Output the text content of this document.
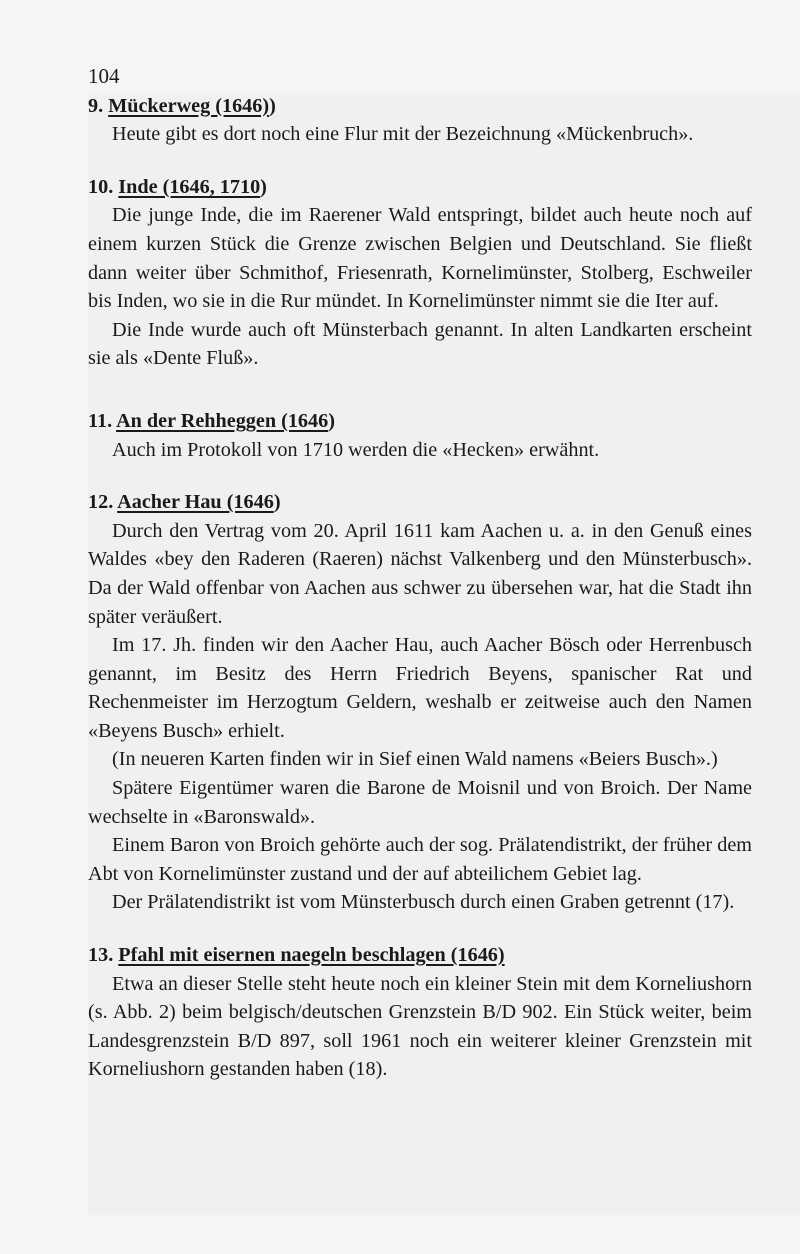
104
9. Mückerweg (1646))
Heute gibt es dort noch eine Flur mit der Bezeichnung «Mückenbruch».
10. Inde (1646, 1710)
Die junge Inde, die im Raerener Wald entspringt, bildet auch heute noch auf einem kurzen Stück die Grenze zwischen Belgien und Deutschland. Sie fließt dann weiter über Schmithof, Friesenrath, Kornelimünster, Stolberg, Eschweiler bis Inden, wo sie in die Rur mündet. In Kornelimünster nimmt sie die Iter auf.
Die Inde wurde auch oft Münsterbach genannt. In alten Landkarten erscheint sie als «Dente Fluß».
11. An der Rehheggen (1646)
Auch im Protokoll von 1710 werden die «Hecken» erwähnt.
12. Aacher Hau (1646)
Durch den Vertrag vom 20. April 1611 kam Aachen u. a. in den Genuß eines Waldes «bey den Raderen (Raeren) nächst Valkenberg und den Münsterbusch». Da der Wald offenbar von Aachen aus schwer zu übersehen war, hat die Stadt ihn später veräußert.
Im 17. Jh. finden wir den Aacher Hau, auch Aacher Bösch oder Herrenbusch genannt, im Besitz des Herrn Friedrich Beyens, spanischer Rat und Rechenmeister im Herzogtum Geldern, weshalb er zeitweise auch den Namen «Beyens Busch» erhielt.
(In neueren Karten finden wir in Sief einen Wald namens «Beiers Busch».)
Spätere Eigentümer waren die Barone de Moisnil und von Broich. Der Name wechselte in «Baronswald».
Einem Baron von Broich gehörte auch der sog. Prälatendistrikt, der früher dem Abt von Kornelimünster zustand und der auf abteilichem Gebiet lag.
Der Prälatendistrikt ist vom Münsterbusch durch einen Graben getrennt (17).
13. Pfahl mit eisernen naegeln beschlagen (1646)
Etwa an dieser Stelle steht heute noch ein kleiner Stein mit dem Korneliushorn (s. Abb. 2) beim belgisch/deutschen Grenzstein B/D 902. Ein Stück weiter, beim Landesgrenzstein B/D 897, soll 1961 noch ein weiterer kleiner Grenzstein mit Korneliushorn gestanden haben (18).
